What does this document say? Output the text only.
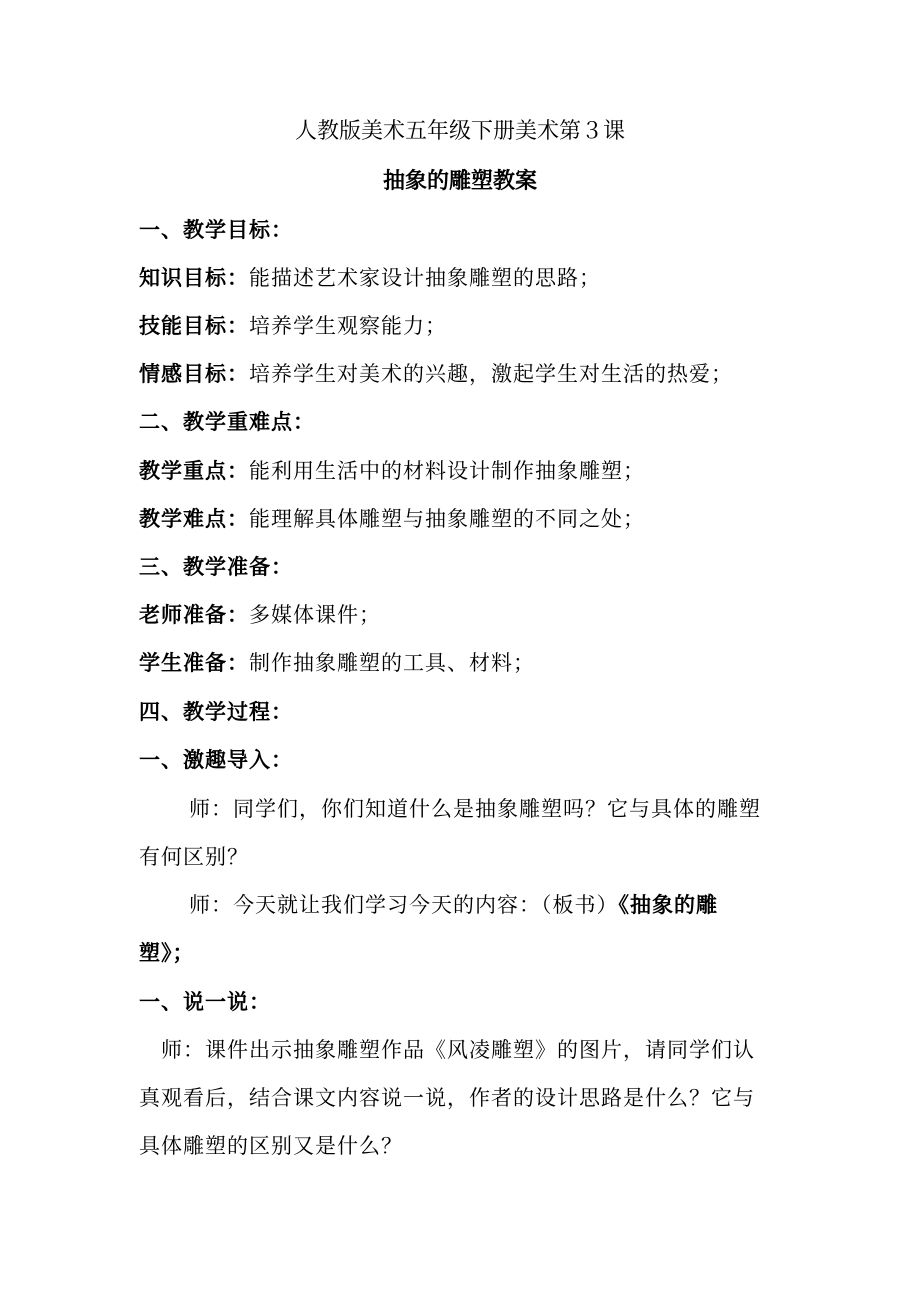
人教版美术五年级下册美术第３课
抽象的雕塑教案
一、教学目标：
知识目标：能描述艺术家设计抽象雕塑的思路；
技能目标：培养学生观察能力；
情感目标：培养学生对美术的兴趣，激起学生对生活的热爱；
二、教学重难点：
教学重点：能利用生活中的材料设计制作抽象雕塑；
教学难点：能理解具体雕塑与抽象雕塑的不同之处；
三、教学准备：
老师准备：多媒体课件；
学生准备：制作抽象雕塑的工具、材料；
四、教学过程：
一、激趣导入：
师：同学们，你们知道什么是抽象雕塑吗？它与具体的雕塑
有何区别？
师：今天就让我们学习今天的内容：（板书）《抽象的雕
塑》；
一、说一说：
师：课件出示抽象雕塑作品《风凌雕塑》的图片，请同学们认
真观看后，结合课文内容说一说，作者的设计思路是什么？它与
具体雕塑的区别又是什么？
